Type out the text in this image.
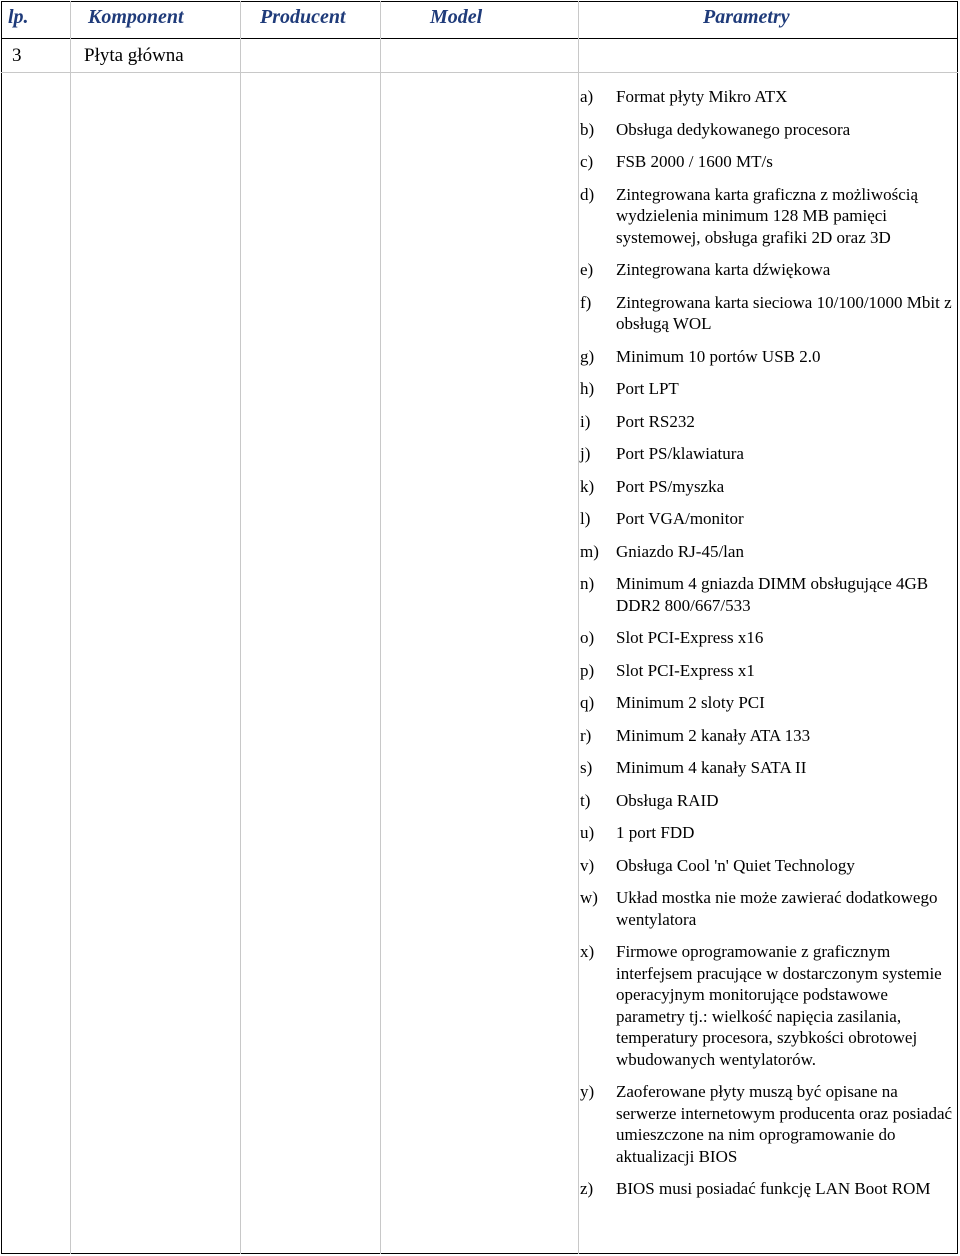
lp.	Komponent	Producent	Model	Parametry
3	Płyta główna
a)	Format płyty Mikro ATX
b)	Obsługa dedykowanego procesora
c)	FSB 2000 / 1600 MT/s
d)	Zintegrowana karta graficzna z możliwością wydzielenia minimum 128 MB pamięci systemowej, obsługa grafiki 2D oraz 3D
e)	Zintegrowana karta dźwiękowa
f)	Zintegrowana karta sieciowa 10/100/1000 Mbit z obsługą WOL
g)	Minimum 10 portów USB 2.0
h)	Port LPT
i)	Port RS232
j)	Port PS/klawiatura
k)	Port PS/myszka
l)	Port VGA/monitor
m)	Gniazdo RJ-45/lan
n)	Minimum 4 gniazda DIMM obsługujące 4GB DDR2 800/667/533
o)	Slot PCI-Express x16
p)	Slot PCI-Express x1
q)	Minimum 2 sloty PCI
r)	Minimum 2 kanały ATA 133
s)	Minimum 4 kanały SATA II
t)	Obsługa RAID
u)	1 port FDD
v)	Obsługa Cool 'n' Quiet Technology
w)	Układ mostka nie może zawierać dodatkowego wentylatora
x)	Firmowe oprogramowanie z graficznym interfejsem pracujące w dostarczonym systemie operacyjnym monitorujące podstawowe parametry tj.: wielkość napięcia zasilania, temperatury procesora, szybkości obrotowej wbudowanych wentylatorów.
y)	Zaoferowane płyty muszą być opisane na serwerze internetowym producenta oraz posiadać umieszczone na nim oprogramowanie do aktualizacji BIOS
z)	BIOS musi posiadać funkcję LAN Boot ROM
